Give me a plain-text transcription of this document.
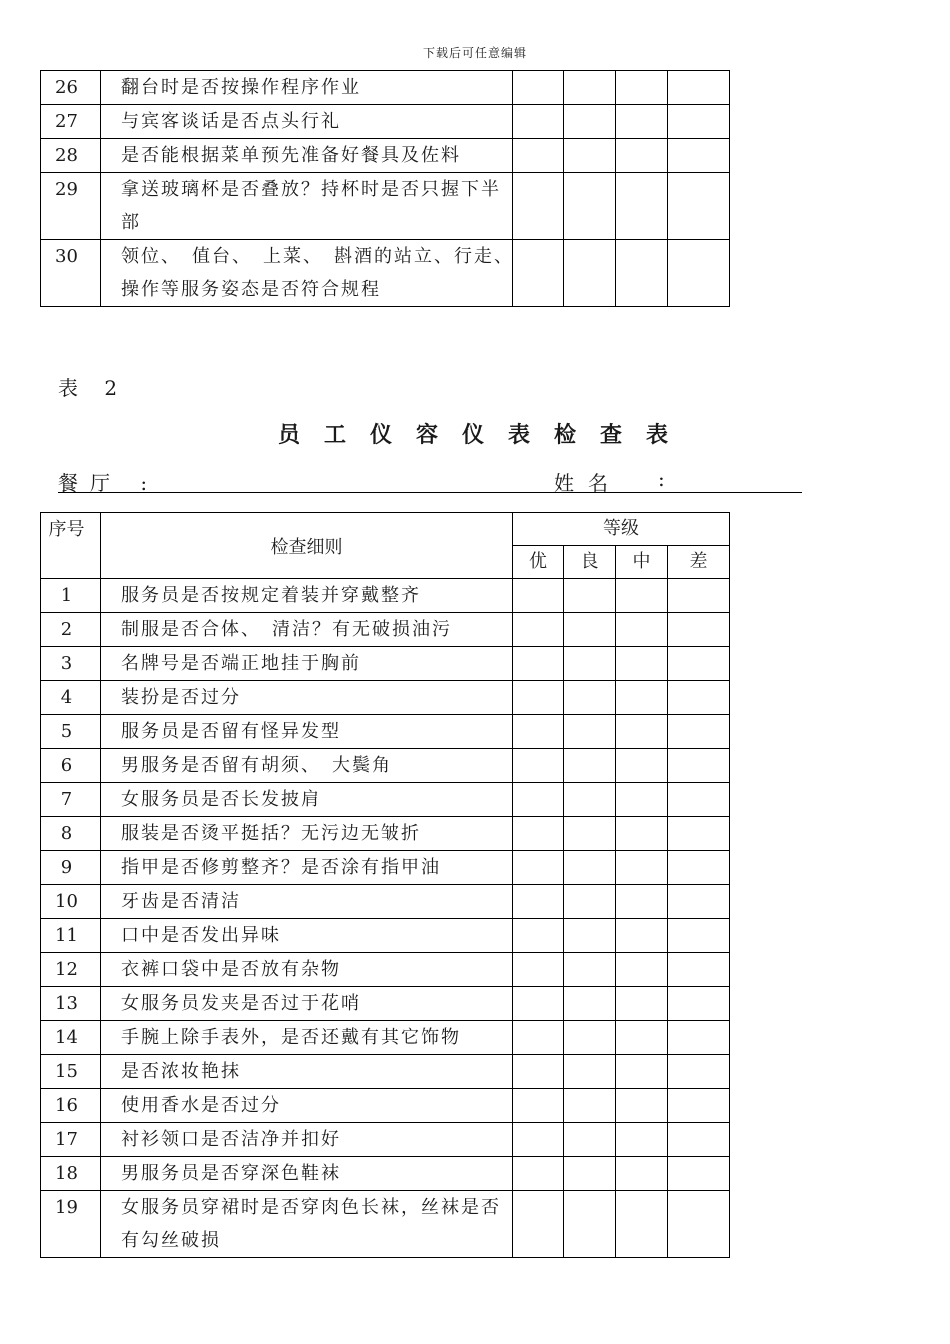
下载后可任意编辑
26	翻台时是否按操作程序作业				
27	与宾客谈话是否点头行礼				
28	是否能根据菜单预先准备好餐具及佐料				
29	拿送玻璃杯是否叠放？持杯时是否只握下半部				
30	领位、　值台、　上菜、　斟酒的站立、行走、　操作等服务姿态是否符合规程				
表 2
员工仪容仪表检查表
餐厅 :	姓名 :
序号	检查细则	等级			
		优	良	中	差
1	服务员是否按规定着装并穿戴整齐				
2	制服是否合体、　清洁？有无破损油污				
3	名牌号是否端正地挂于胸前				
4	装扮是否过分				
5	服务员是否留有怪异发型				
6	男服务是否留有胡须、　大鬓角				
7	女服务员是否长发披肩				
8	服装是否烫平挺括？无污边无皱折				
9	指甲是否修剪整齐？是否涂有指甲油				
10	牙齿是否清洁				
11	口中是否发出异味				
12	衣裤口袋中是否放有杂物				
13	女服务员发夹是否过于花哨				
14	手腕上除手表外，是否还戴有其它饰物				
15	是否浓妆艳抹				
16	使用香水是否过分				
17	衬衫领口是否洁净并扣好				
18	男服务员是否穿深色鞋袜				
19	女服务员穿裙时是否穿肉色长袜，丝袜是否有勾丝破损				
